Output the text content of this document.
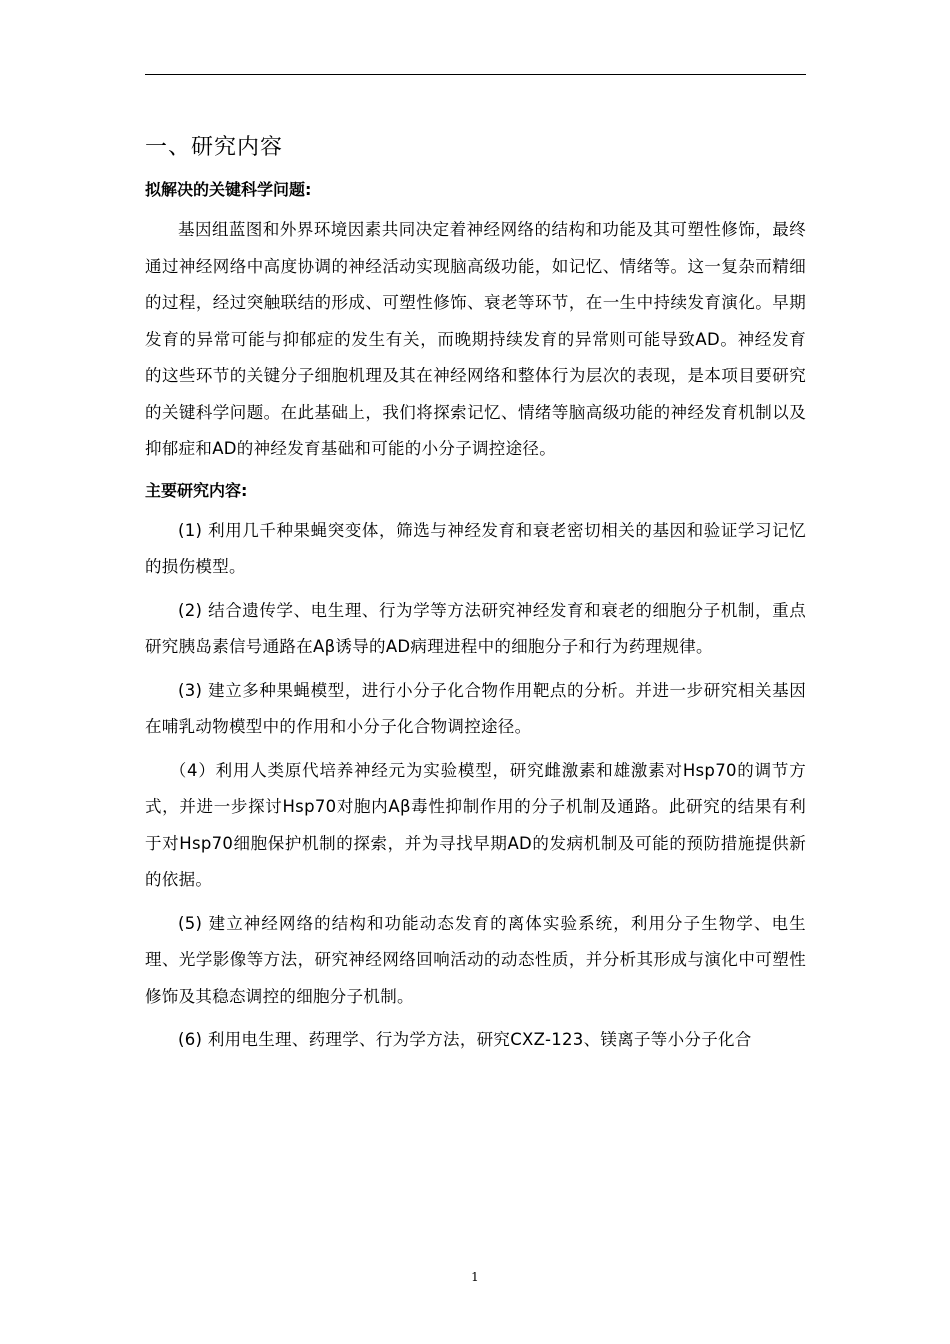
一、研究内容
拟解决的关键科学问题:

基因组蓝图和外界环境因素共同决定着神经网络的结构和功能及其可塑性修饰，最终通过神经网络中高度协调的神经活动实现脑高级功能，如记忆、情绪等。这一复杂而精细的过程，经过突触联结的形成、可塑性修饰、衰老等环节，在一生中持续发育演化。早期发育的异常可能与抑郁症的发生有关，而晚期持续发育的异常则可能导致AD。神经发育的这些环节的关键分子细胞机理及其在神经网络和整体行为层次的表现，是本项目要研究的关键科学问题。在此基础上，我们将探索记忆、情绪等脑高级功能的神经发育机制以及抑郁症和AD的神经发育基础和可能的小分子调控途径。

主要研究内容:

(1) 利用几千种果蝇突变体，筛选与神经发育和衰老密切相关的基因和验证学习记忆的损伤模型。

(2) 结合遗传学、电生理、行为学等方法研究神经发育和衰老的细胞分子机制，重点研究胰岛素信号通路在Aβ诱导的AD病理进程中的细胞分子和行为药理规律。

(3) 建立多种果蝇模型，进行小分子化合物作用靶点的分析。并进一步研究相关基因在哺乳动物模型中的作用和小分子化合物调控途径。

（4）利用人类原代培养神经元为实验模型，研究雌激素和雄激素对Hsp70的调节方式，并进一步探讨Hsp70对胞内Aβ毒性抑制作用的分子机制及通路。此研究的结果有利于对Hsp70细胞保护机制的探索，并为寻找早期AD的发病机制及可能的预防措施提供新的依据。

(5) 建立神经网络的结构和功能动态发育的离体实验系统，利用分子生物学、电生理、光学影像等方法，研究神经网络回响活动的动态性质，并分析其形成与演化中可塑性修饰及其稳态调控的细胞分子机制。

(6) 利用电生理、药理学、行为学方法，研究CXZ-123、镁离子等小分子化合

1
